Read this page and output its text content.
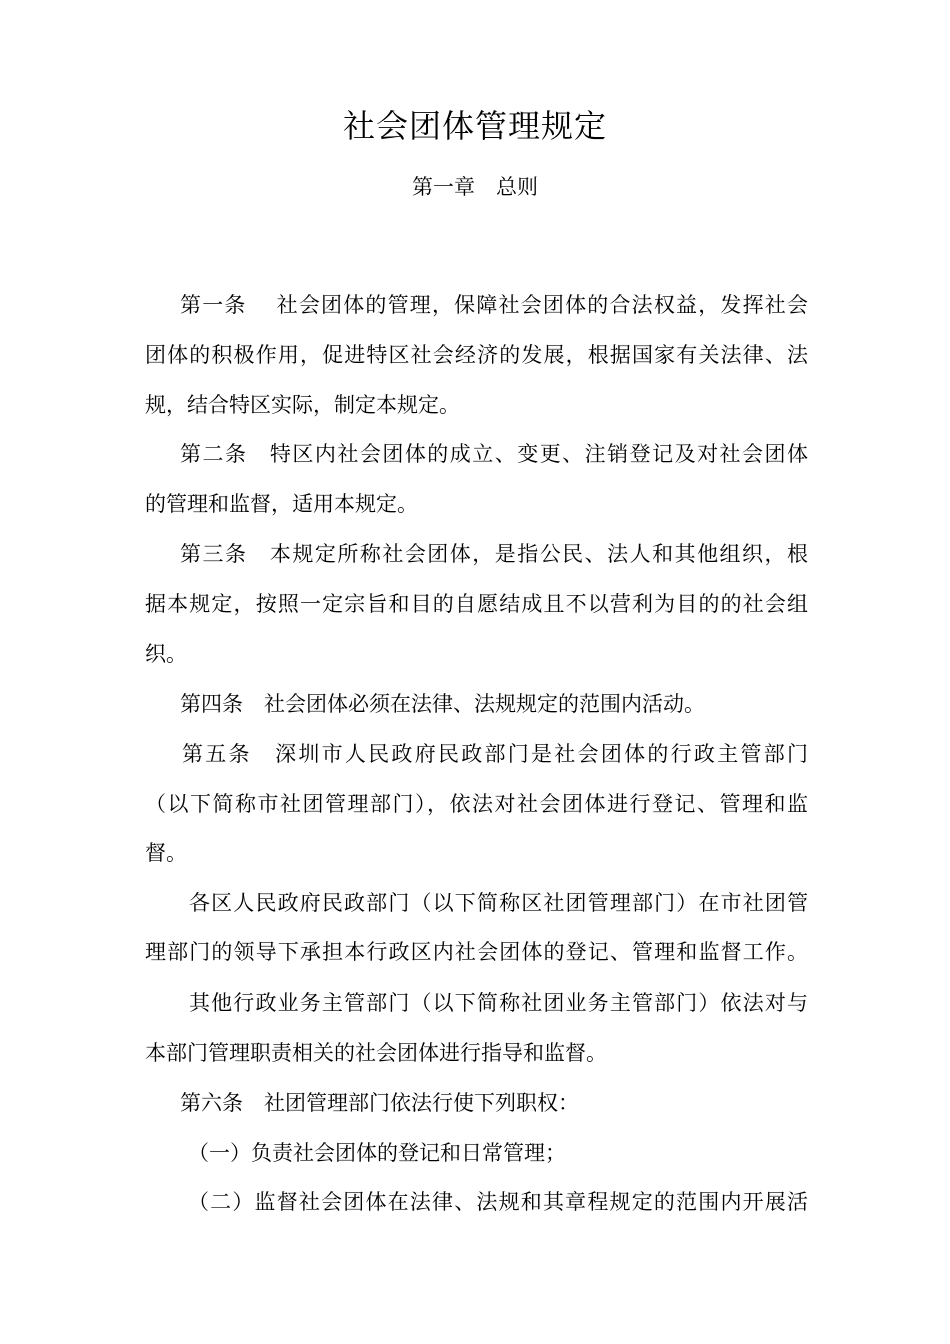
社会团体管理规定
第一章　总则
第一条　 社会团体的管理，保障社会团体的合法权益，发挥社会
团体的积极作用，促进特区社会经济的发展，根据国家有关法律、法
规，结合特区实际，制定本规定。
第二条　特区内社会团体的成立、变更、注销登记及对社会团体
的管理和监督，适用本规定。
第三条　本规定所称社会团体，是指公民、法人和其他组织，根
据本规定，按照一定宗旨和目的自愿结成且不以营利为目的的社会组
织。
第四条　社会团体必须在法律、法规规定的范围内活动。
第五条　深圳市人民政府民政部门是社会团体的行政主管部门
（以下简称市社团管理部门），依法对社会团体进行登记、管理和监
督。
各区人民政府民政部门（以下简称区社团管理部门）在市社团管
理部门的领导下承担本行政区内社会团体的登记、管理和监督工作。
其他行政业务主管部门（以下简称社团业务主管部门）依法对与
本部门管理职责相关的社会团体进行指导和监督。
第六条　社团管理部门依法行使下列职权：
（一）负责社会团体的登记和日常管理；
（二）监督社会团体在法律、法规和其章程规定的范围内开展活
